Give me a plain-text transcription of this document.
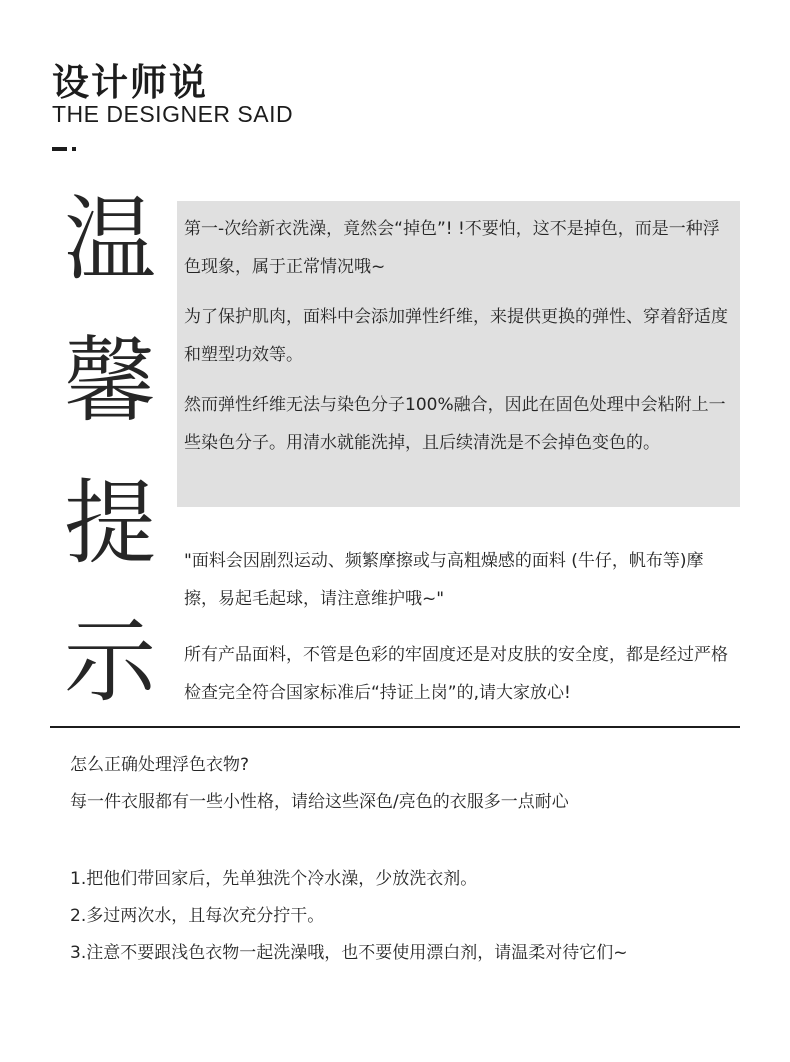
设计师说
THE DESIGNER SAID
温
馨
提
示

第一-次给新衣洗澡，竟然会“掉色”! !不要怕，这不是掉色，而是一种浮色现象，属于正常情况哦~

为了保护肌肉，面料中会添加弹性纤维，来提供更换的弹性、穿着舒适度和塑型功效等。

然而弹性纤维无法与染色分子100%融合，因此在固色处理中会粘附上一些染色分子。用清水就能洗掉，且后续清洗是不会掉色变色的。

"面料会因剧烈运动、频繁摩擦或与高粗燥感的面料 (牛仔，帆布等)摩擦，易起毛起球，请注意维护哦~"

所有产品面料，不管是色彩的牢固度还是对皮肤的安全度，都是经过严格检查完全符合国家标准后“持证上岗”的,请大家放心!

怎么正确处理浮色衣物?
每一件衣服都有一些小性格，请给这些深色/亮色的衣服多一点耐心
1.把他们带回家后，先单独洗个冷水澡，少放洗衣剂。
2.多过两次水，且每次充分拧干。
3.注意不要跟浅色衣物一起洗澡哦，也不要使用漂白剂，请温柔对待它们~
